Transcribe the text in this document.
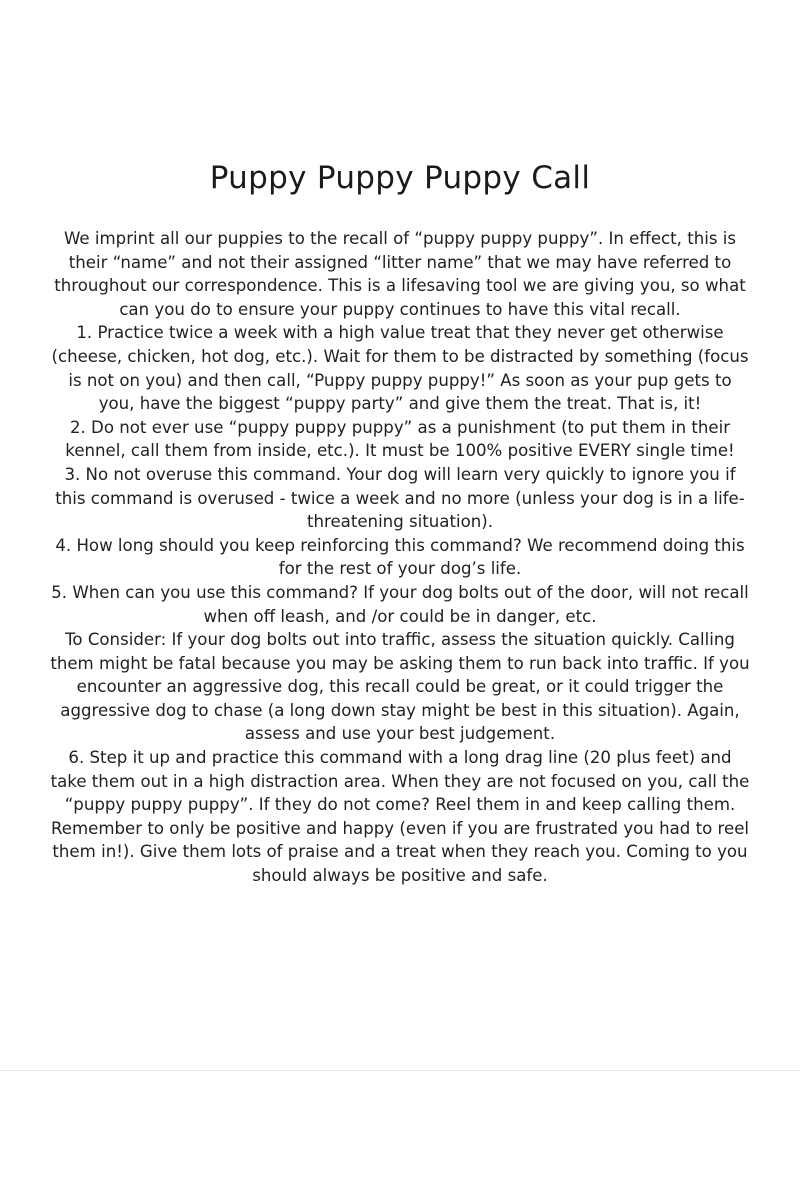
Puppy Puppy Puppy Call

We imprint all our puppies to the recall of “puppy puppy puppy”. In effect, this is their “name” and not their assigned “litter name” that we may have referred to throughout our correspondence. This is a lifesaving tool we are giving you, so what can you do to ensure your puppy continues to have this vital recall.

1. Practice twice a week with a high value treat that they never get otherwise (cheese, chicken, hot dog, etc.). Wait for them to be distracted by something (focus is not on you) and then call, “Puppy puppy puppy!” As soon as your pup gets to you, have the biggest “puppy party” and give them the treat. That is, it!

2. Do not ever use “puppy puppy puppy” as a punishment (to put them in their kennel, call them from inside, etc.). It must be 100% positive EVERY single time!

3. No not overuse this command. Your dog will learn very quickly to ignore you if this command is overused - twice a week and no more (unless your dog is in a life-threatening situation).

4. How long should you keep reinforcing this command? We recommend doing this for the rest of your dog’s life.

5. When can you use this command? If your dog bolts out of the door, will not recall when off leash, and /or could be in danger, etc.

To Consider: If your dog bolts out into traffic, assess the situation quickly. Calling them might be fatal because you may be asking them to run back into traffic. If you encounter an aggressive dog, this recall could be great, or it could trigger the aggressive dog to chase (a long down stay might be best in this situation). Again, assess and use your best judgement.

6. Step it up and practice this command with a long drag line (20 plus feet) and take them out in a high distraction area. When they are not focused on you, call the “puppy puppy puppy”. If they do not come? Reel them in and keep calling them. Remember to only be positive and happy (even if you are frustrated you had to reel them in!). Give them lots of praise and a treat when they reach you. Coming to you should always be positive and safe.
